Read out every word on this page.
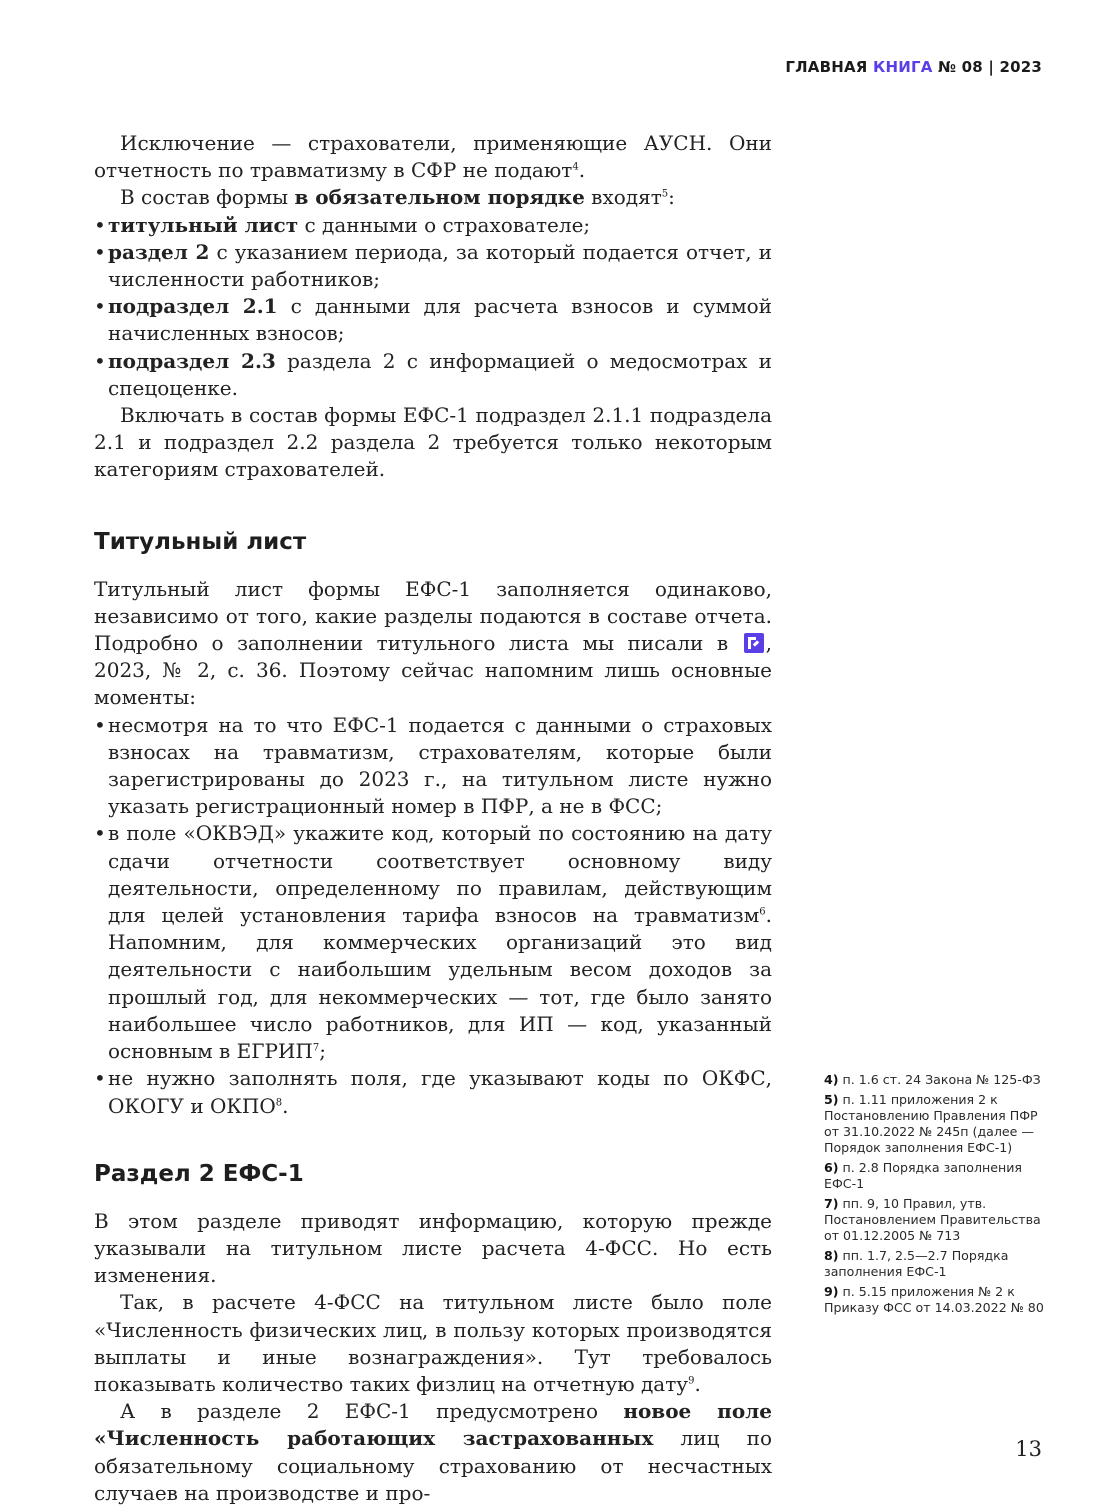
ГЛАВНАЯ КНИГА № 08 | 2023

Исключение — страхователи, применяющие АУСН. Они отчетность по травматизму в СФР не подают$^4$.

В состав формы в обязательном порядке входят$^5$:

• титульный лист с данными о страхователе;
• раздел 2 с указанием периода, за который подается отчет, и численности работников;
• подраздел 2.1 с данными для расчета взносов и суммой начисленных взносов;
• подраздел 2.3 раздела 2 с информацией о медосмотрах и спецоценке.

Включать в состав формы ЕФС-1 подраздел 2.1.1 подраздела 2.1 и подраздел 2.2 раздела 2 требуется только некоторым категориям страхователей.

Титульный лист

Титульный лист формы ЕФС-1 заполняется одинаково, независимо от того, какие разделы подаются в составе отчета. Подробно о заполнении титульного листа мы писали в
, 2023, № 2, с. 36. Поэтому сейчас напомним лишь основные моменты:

• несмотря на то что ЕФС-1 подается с данными о страховых взносах на травматизм, страхователям, которые были зарегистрированы до 2023 г., на титульном листе нужно указать регистрационный номер в ПФР, а не в ФСС;
• в поле «ОКВЭД» укажите код, который по состоянию на дату сдачи отчетности соответствует основному виду деятельности, определенному по правилам, действующим для целей установления тарифа взносов на травматизм$^6$. Напомним, для коммерческих организаций это вид деятельности с наибольшим удельным весом доходов за прошлый год, для некоммерческих — тот, где было занято наибольшее число работников, для ИП — код, указанный основным в ЕГРИП$^7$;
• не нужно заполнять поля, где указывают коды по ОКФС, ОКОГУ и ОКПО$^8$.
Раздел 2 ЕФС-1

В этом разделе приводят информацию, которую прежде указывали на титульном листе расчета 4-ФСС. Но есть изменения.

Так, в расчете 4-ФСС на титульном листе было поле «Численность физических лиц, в пользу которых производятся выплаты и иные вознаграждения». Тут требовалось показывать количество таких физлиц на отчетную дату$^9$.

А в разделе 2 ЕФС-1 предусмотрено новое поле «Численность работающих застрахованных лиц по обязательному социальному страхованию от несчастных случаев на производстве и про-

4) п. 1.6 ст. 24 Закона № 125-ФЗ
5) п. 1.11 приложения 2 к Постановлению Правления ПФР от 31.10.2022 № 245п (далее — Порядок заполнения ЕФС-1)
6) п. 2.8 Порядка заполнения ЕФС-1
7) пп. 9, 10 Правил, утв. Постановлением Правительства от 01.12.2005 № 713
8) пп. 1.7, 2.5—2.7 Порядка заполнения ЕФС-1
9) п. 5.15 приложения № 2 к Приказу ФСС от 14.03.2022 № 80
13
